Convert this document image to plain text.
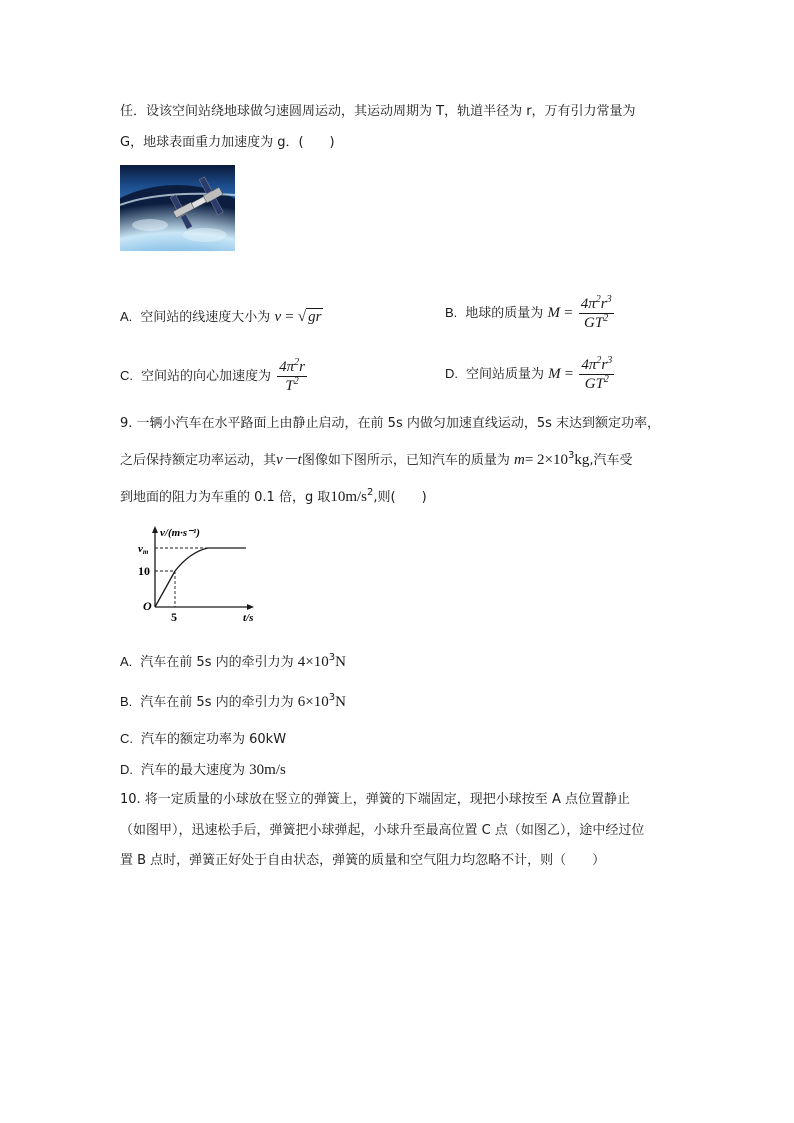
任．设该空间站绕地球做匀速圆周运动，其运动周期为 T，轨道半径为 r，万有引力常量为
G，地球表面重力加速度为 g．(　　)
A. 空间站的线速度大小为 v = √ gr	B. 地球的质量为 $M = \frac{4\pi^2r^3}{GT^2}$
C. 空间站的向心加速度为 $\frac{4\pi^2r}{T^2}$	D. 空间站质量为 $M = \frac{4\pi^2r^3}{GT^2}$
9. 一辆小汽车在水平路面上由静止启动，在前 5s 内做匀加速直线运动，5s 末达到额定功率，
之后保持额定功率运动，其v－t图像如下图所示，已知汽车的质量为 $m= 2\times 10^3kg$,汽车受
到地面的阻力为车重的 0.1 倍，g 取$10m/s^2$,则(　　)
v/(m·s⁻¹)
vm
10
O
5	t/s
A. 汽车在前 5s 内的牵引力为 $4\times 10^3N$
B. 汽车在前 5s 内的牵引力为 $6\times 10^3N$
C. 汽车的额定功率为 60kW
D. 汽车的最大速度为 30m/s
10. 将一定质量的小球放在竖立的弹簧上，弹簧的下端固定，现把小球按至 A 点位置静止
（如图甲），迅速松手后，弹簧把小球弹起，小球升至最高位置 C 点（如图乙），途中经过位
置 B 点时，弹簧正好处于自由状态，弹簧的质量和空气阻力均忽略不计，则（　　）
